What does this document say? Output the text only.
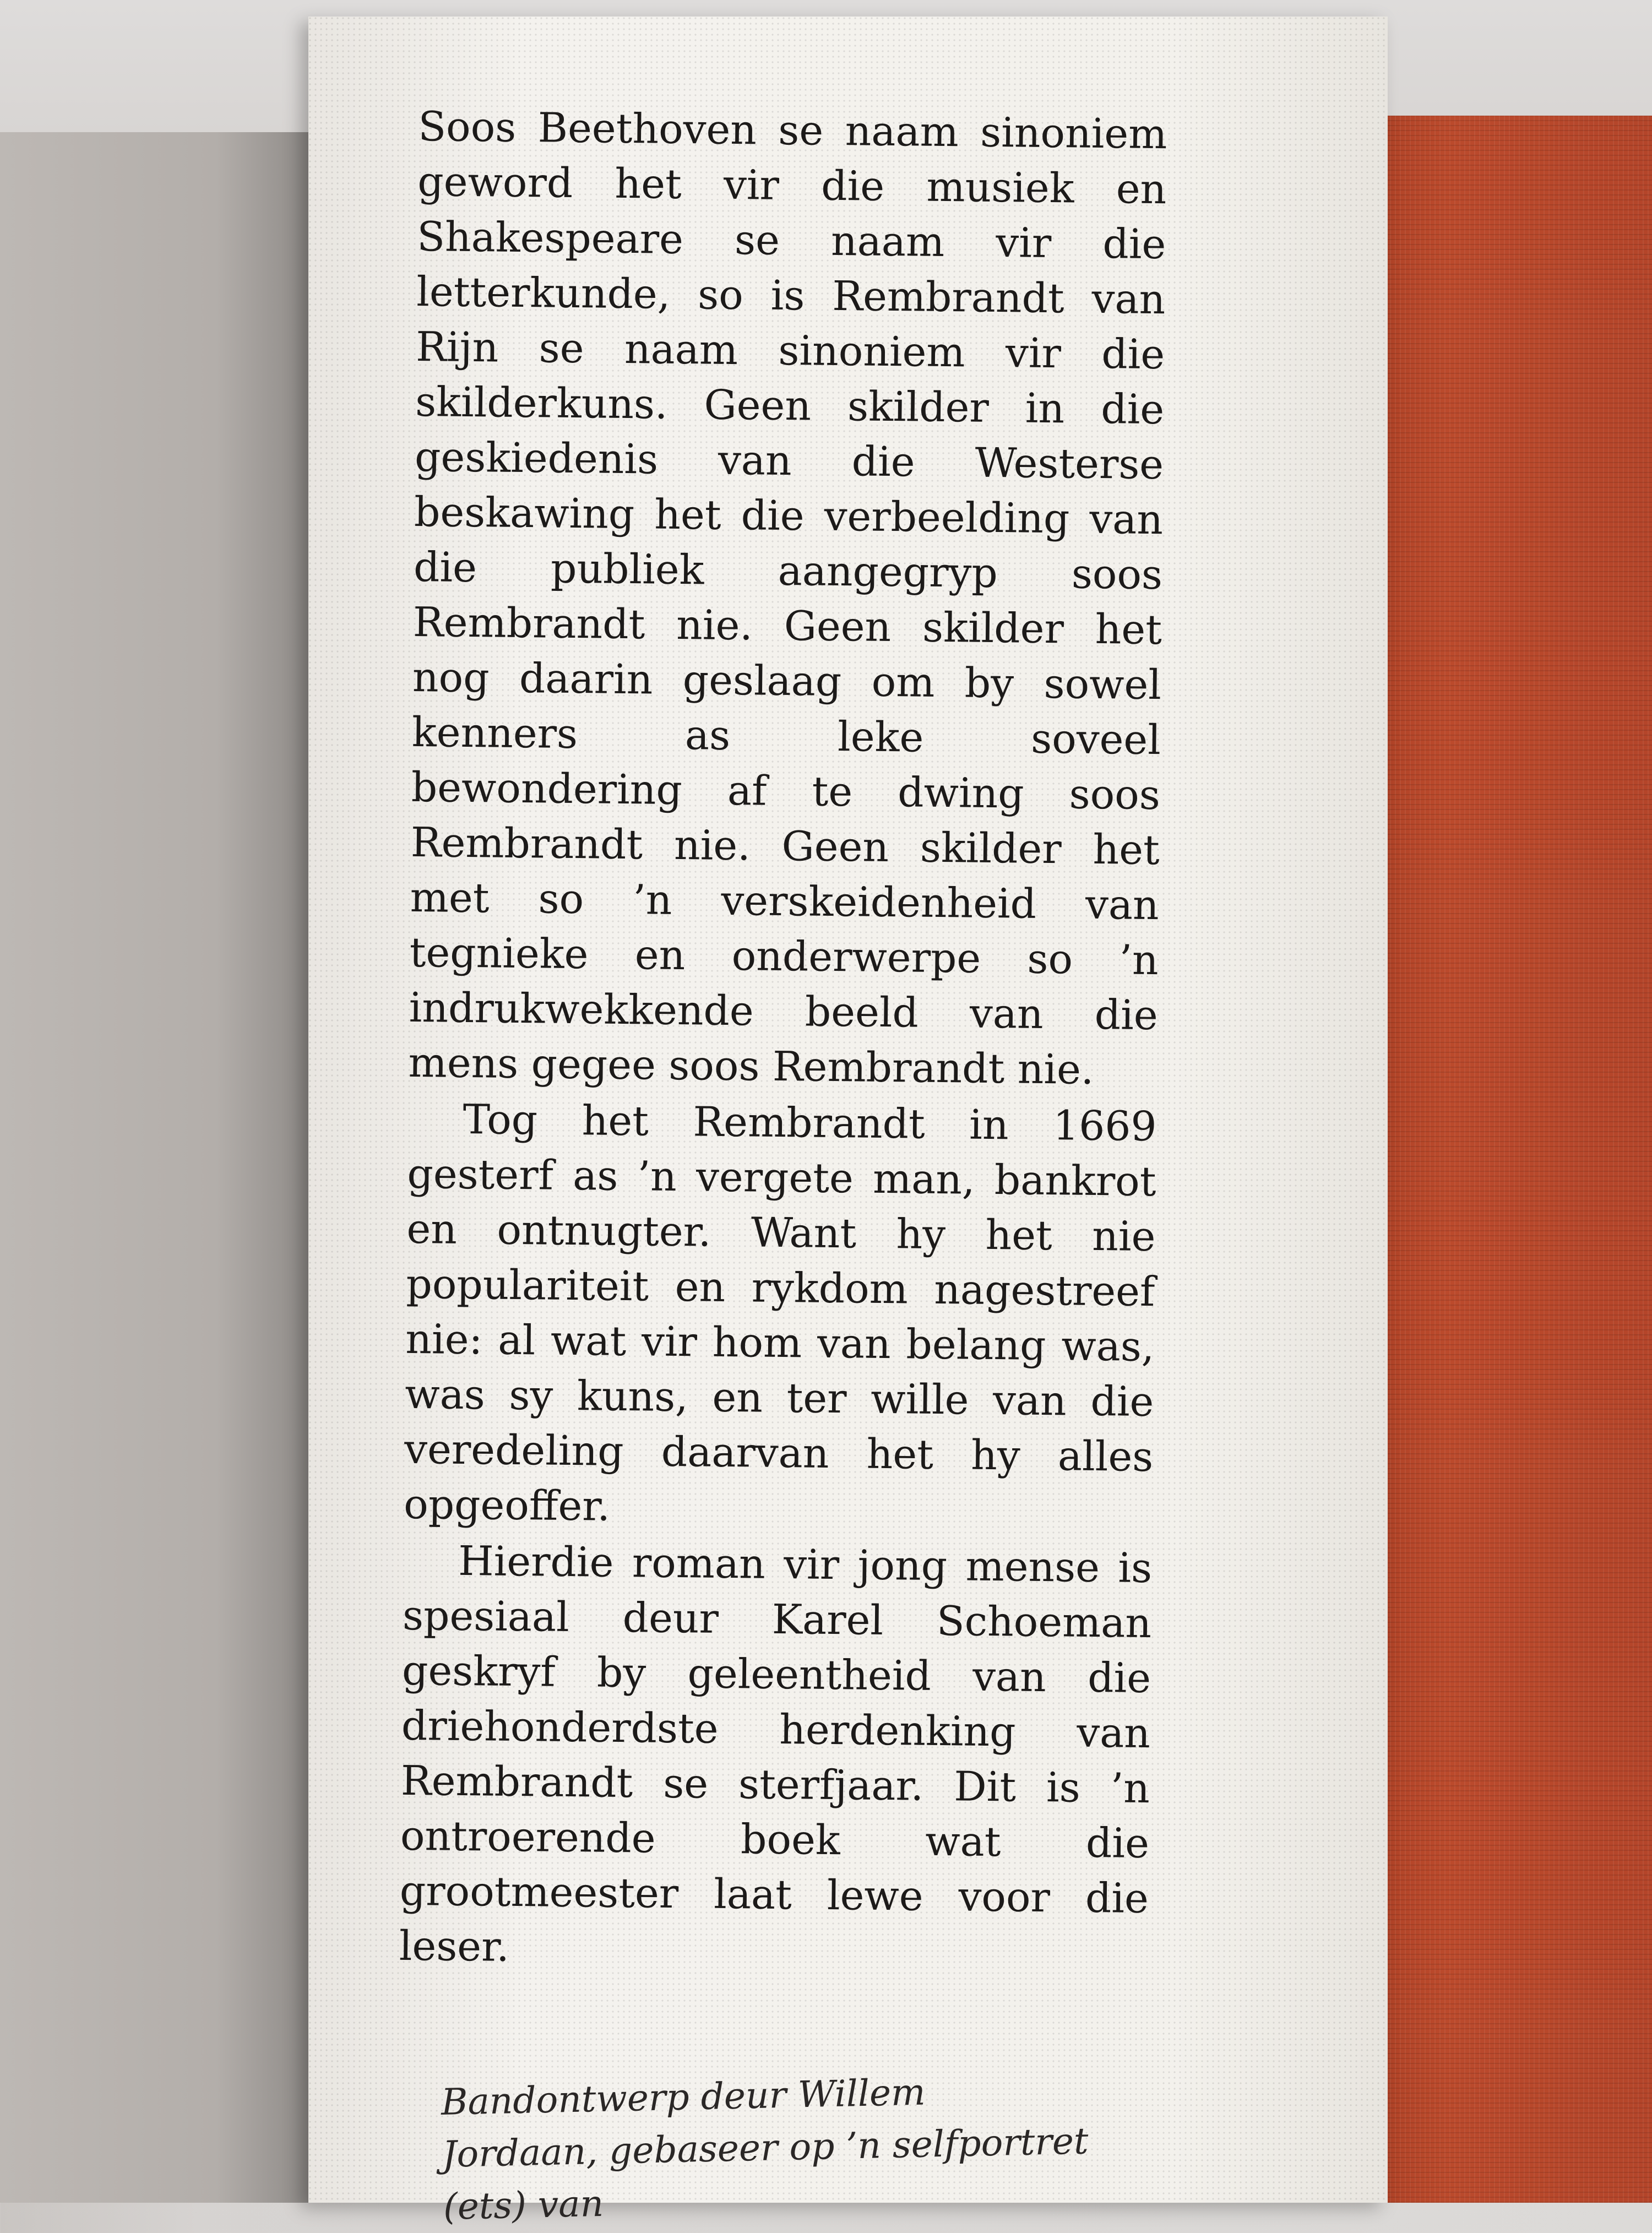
Soos Beethoven se naam sinoniem geword het vir die musiek en Shakespeare se naam vir die letterkunde, so is Rembrandt van Rijn se naam sinoniem vir die skilderkuns. Geen skilder in die geskiedenis van die Westerse beskawing het die verbeelding van die publiek aangegryp soos Rembrandt nie. Geen skilder het nog daarin geslaag om by sowel kenners as leke soveel bewondering af te dwing soos Rembrandt nie. Geen skilder het met so ’n verskeidenheid van tegnieke en onderwerpe so ’n indrukwekkende beeld van die mens gegee soos Rembrandt nie.

Tog het Rembrandt in 1669 gesterf as ’n vergete man, bankrot en ontnugter. Want hy het nie populariteit en rykdom nagestreef nie: al wat vir hom van belang was, was sy kuns, en ter wille van die veredeling daarvan het hy alles opgeoffer.

Hierdie roman vir jong mense is spesiaal deur Karel Schoeman geskryf by geleentheid van die driehonderdste herdenking van Rembrandt se sterfjaar. Dit is ’n ontroerende boek wat die grootmeester laat lewe voor die leser.

Bandontwerp deur Willem Jordaan, gebaseer op ’n selfportret (ets) van
